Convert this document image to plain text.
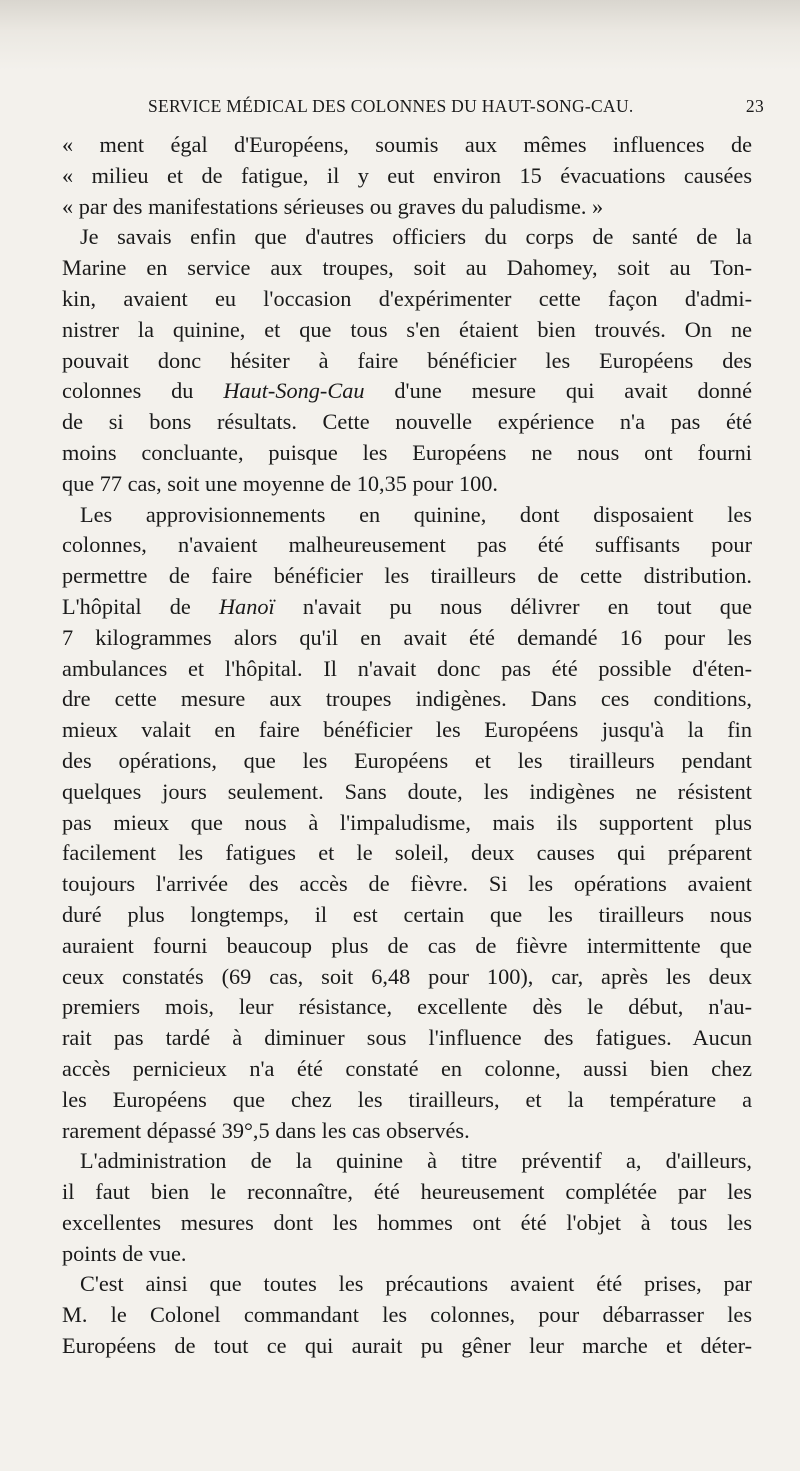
SERVICE MÉDICAL DES COLONNES DU HAUT-SONG-CAU.	23
« ment égal d'Européens, soumis aux mêmes influences de
« milieu et de fatigue, il y eut environ 15 évacuations causées
« par des manifestations sérieuses ou graves du paludisme. »
Je savais enfin que d'autres officiers du corps de santé de la
Marine en service aux troupes, soit au Dahomey, soit au Ton-
kin, avaient eu l'occasion d'expérimenter cette façon d'admi-
nistrer la quinine, et que tous s'en étaient bien trouvés. On ne
pouvait donc hésiter à faire bénéficier les Européens des
colonnes du Haut-Song-Cau d'une mesure qui avait donné
de si bons résultats. Cette nouvelle expérience n'a pas été
moins concluante, puisque les Européens ne nous ont fourni
que 77 cas, soit une moyenne de 10,35 pour 100.
Les approvisionnements en quinine, dont disposaient les
colonnes, n'avaient malheureusement pas été suffisants pour
permettre de faire bénéficier les tirailleurs de cette distribution.
L'hôpital de Hanoï n'avait pu nous délivrer en tout que
7 kilogrammes alors qu'il en avait été demandé 16 pour les
ambulances et l'hôpital. Il n'avait donc pas été possible d'éten-
dre cette mesure aux troupes indigènes. Dans ces conditions,
mieux valait en faire bénéficier les Européens jusqu'à la fin
des opérations, que les Européens et les tirailleurs pendant
quelques jours seulement. Sans doute, les indigènes ne résistent
pas mieux que nous à l'impaludisme, mais ils supportent plus
facilement les fatigues et le soleil, deux causes qui préparent
toujours l'arrivée des accès de fièvre. Si les opérations avaient
duré plus longtemps, il est certain que les tirailleurs nous
auraient fourni beaucoup plus de cas de fièvre intermittente que
ceux constatés (69 cas, soit 6,48 pour 100), car, après les deux
premiers mois, leur résistance, excellente dès le début, n'au-
rait pas tardé à diminuer sous l'influence des fatigues. Aucun
accès pernicieux n'a été constaté en colonne, aussi bien chez
les Européens que chez les tirailleurs, et la température a
rarement dépassé 39°,5 dans les cas observés.
L'administration de la quinine à titre préventif a, d'ailleurs,
il faut bien le reconnaître, été heureusement complétée par les
excellentes mesures dont les hommes ont été l'objet à tous les
points de vue.
C'est ainsi que toutes les précautions avaient été prises, par
M. le Colonel commandant les colonnes, pour débarrasser les
Européens de tout ce qui aurait pu gêner leur marche et déter-
